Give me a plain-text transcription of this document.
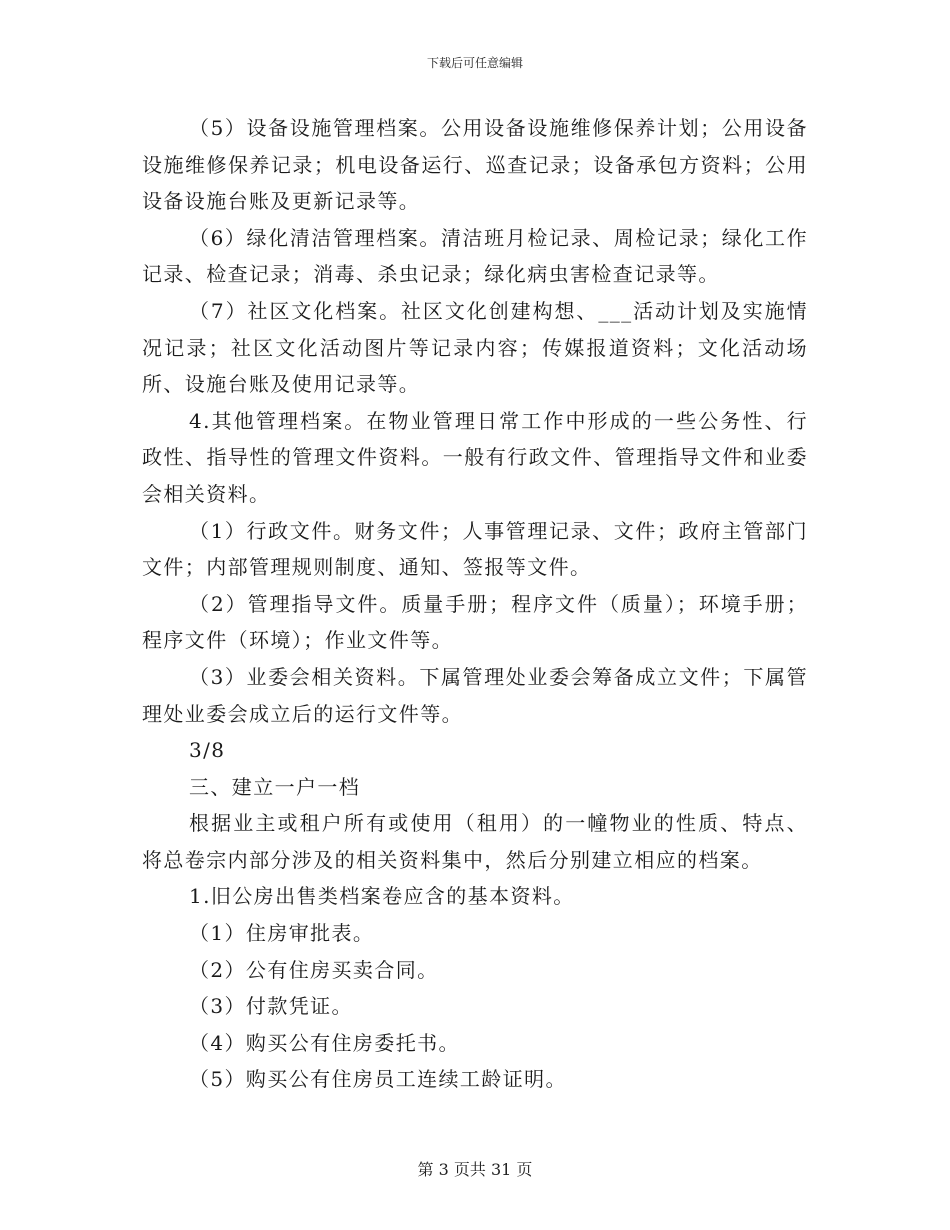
下载后可任意编辑

（5）设备设施管理档案。公用设备设施维修保养计划；公用设备设施维修保养记录；机电设备运行、巡查记录；设备承包方资料；公用设备设施台账及更新记录等。

（6）绿化清洁管理档案。清洁班月检记录、周检记录；绿化工作记录、检查记录；消毒、杀虫记录；绿化病虫害检查记录等。

（7）社区文化档案。社区文化创建构想、___活动计划及实施情况记录；社区文化活动图片等记录内容；传媒报道资料；文化活动场所、设施台账及使用记录等。

4.其他管理档案。在物业管理日常工作中形成的一些公务性、行政性、指导性的管理文件资料。一般有行政文件、管理指导文件和业委会相关资料。

（1）行政文件。财务文件；人事管理记录、文件；政府主管部门文件；内部管理规则制度、通知、签报等文件。

（2）管理指导文件。质量手册；程序文件（质量）；环境手册；程序文件（环境）；作业文件等。

（3）业委会相关资料。下属管理处业委会筹备成立文件；下属管理处业委会成立后的运行文件等。

3/8

三、建立一户一档

根据业主或租户所有或使用（租用）的一幢物业的性质、特点、将总卷宗内部分涉及的相关资料集中，然后分别建立相应的档案。

1.旧公房出售类档案卷应含的基本资料。

（1）住房审批表。

（2）公有住房买卖合同。

（3）付款凭证。

（4）购买公有住房委托书。

（5）购买公有住房员工连续工龄证明。

第 3 页共 31 页
